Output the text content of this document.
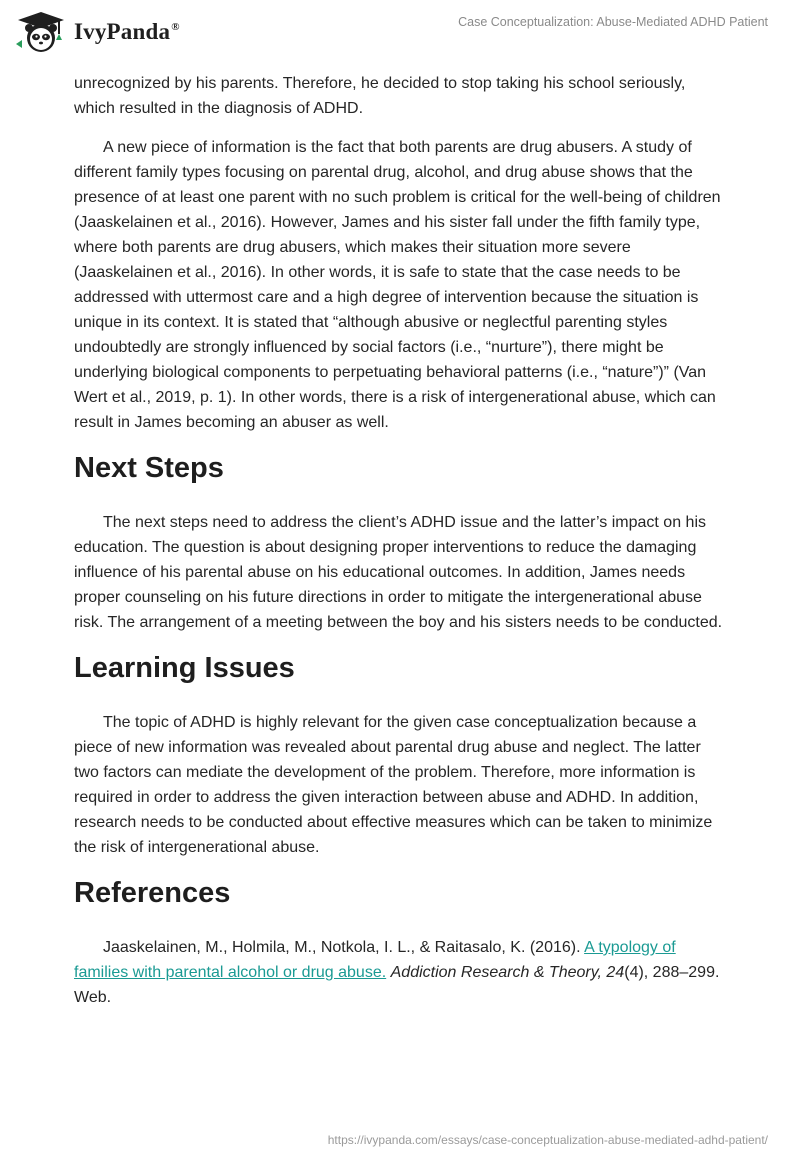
IvyPanda®	Case Conceptualization: Abuse-Mediated ADHD Patient

unrecognized by his parents. Therefore, he decided to stop taking his school seriously, which resulted in the diagnosis of ADHD.

A new piece of information is the fact that both parents are drug abusers. A study of different family types focusing on parental drug, alcohol, and drug abuse shows that the presence of at least one parent with no such problem is critical for the well-being of children (Jaaskelainen et al., 2016). However, James and his sister fall under the fifth family type, where both parents are drug abusers, which makes their situation more severe (Jaaskelainen et al., 2016). In other words, it is safe to state that the case needs to be addressed with uttermost care and a high degree of intervention because the situation is unique in its context. It is stated that “although abusive or neglectful parenting styles undoubtedly are strongly influenced by social factors (i.e., “nurture”), there might be underlying biological components to perpetuating behavioral patterns (i.e., “nature”)” (Van Wert et al., 2019, p. 1). In other words, there is a risk of intergenerational abuse, which can result in James becoming an abuser as well.

Next Steps

The next steps need to address the client’s ADHD issue and the latter’s impact on his education. The question is about designing proper interventions to reduce the damaging influence of his parental abuse on his educational outcomes. In addition, James needs proper counseling on his future directions in order to mitigate the intergenerational abuse risk. The arrangement of a meeting between the boy and his sisters needs to be conducted.

Learning Issues

The topic of ADHD is highly relevant for the given case conceptualization because a piece of new information was revealed about parental drug abuse and neglect. The latter two factors can mediate the development of the problem. Therefore, more information is required in order to address the given interaction between abuse and ADHD. In addition, research needs to be conducted about effective measures which can be taken to minimize the risk of intergenerational abuse.

References

Jaaskelainen, M., Holmila, M., Notkola, I. L., & Raitasalo, K. (2016). A typology of families with parental alcohol or drug abuse. Addiction Research & Theory, 24(4), 288–299. Web.

https://ivypanda.com/essays/case-conceptualization-abuse-mediated-adhd-patient/
